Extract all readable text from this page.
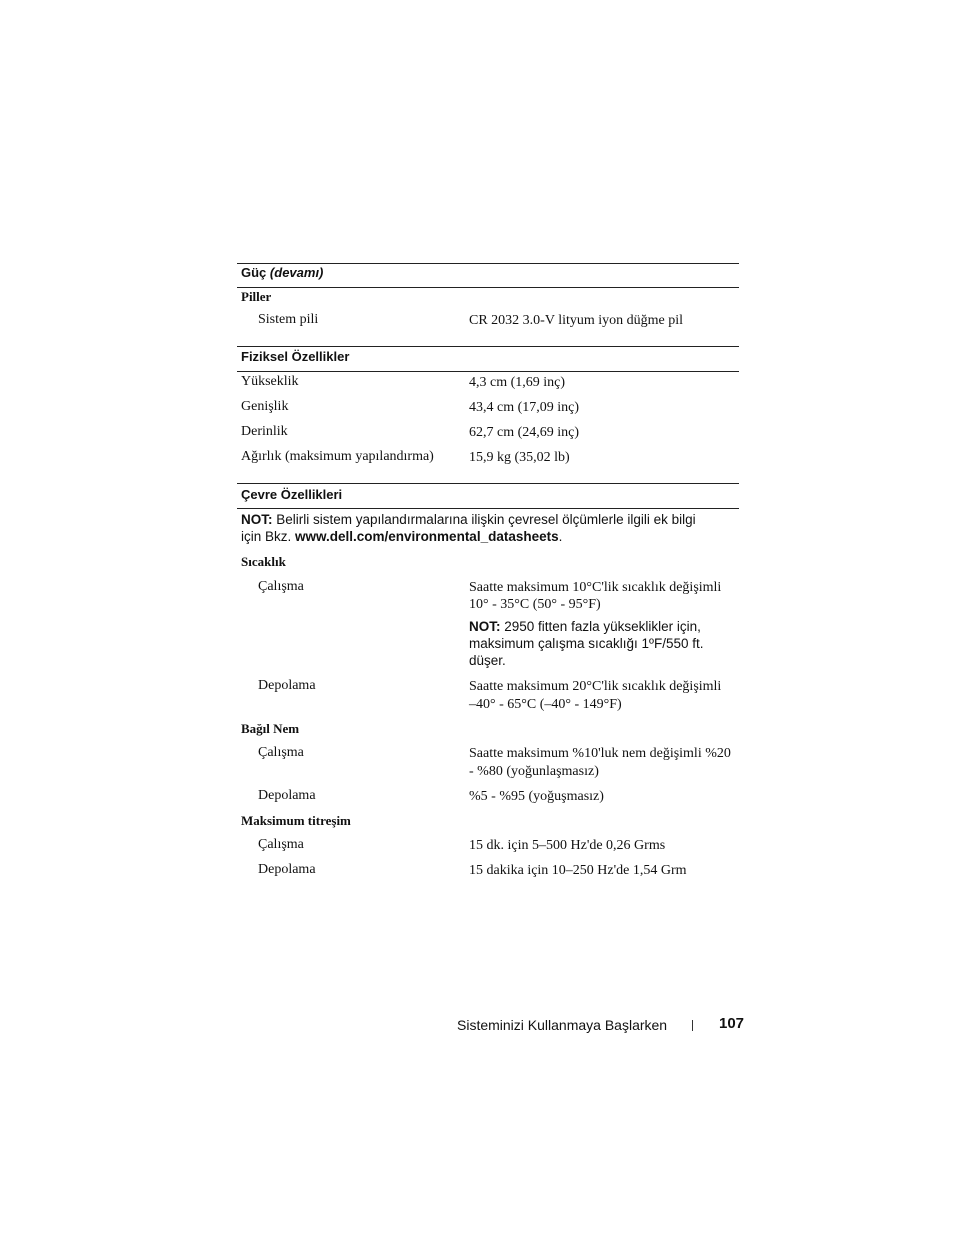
Güç (devamı)
Piller
Sistem pili	CR 2032 3.0-V lityum iyon düğme pil
Fiziksel Özellikler
Yükseklik	4,3 cm (1,69 inç)
Genişlik	43,4 cm (17,09 inç)
Derinlik	62,7 cm (24,69 inç)
Ağırlık (maksimum yapılandırma)	15,9 kg (35,02 lb)
Çevre Özellikleri
NOT: Belirli sistem yapılandırmalarına ilişkin çevresel ölçümlerle ilgili ek bilgi
için Bkz. www.dell.com/environmental_datasheets.
Sıcaklık
Çalışma	Saatte maksimum 10°C'lik sıcaklık değişimli
10° - 35°C (50° - 95°F)
NOT: 2950 fitten fazla yükseklikler için,
maksimum çalışma sıcaklığı 1ºF/550 ft.
düşer.
Depolama	Saatte maksimum 20°C'lik sıcaklık değişimli
–40° - 65°C (–40° - 149°F)
Bağıl Nem
Çalışma	Saatte maksimum %10'luk nem değişimli %20
- %80 (yoğunlaşmasız)
Depolama	%5 - %95 (yoğuşmasız)
Maksimum titreşim
Çalışma	15 dk. için 5–500 Hz'de 0,26 Grms
Depolama	15 dakika için 10–250 Hz'de 1,54 Grm
Sisteminizi Kullanmaya Başlarken	107
